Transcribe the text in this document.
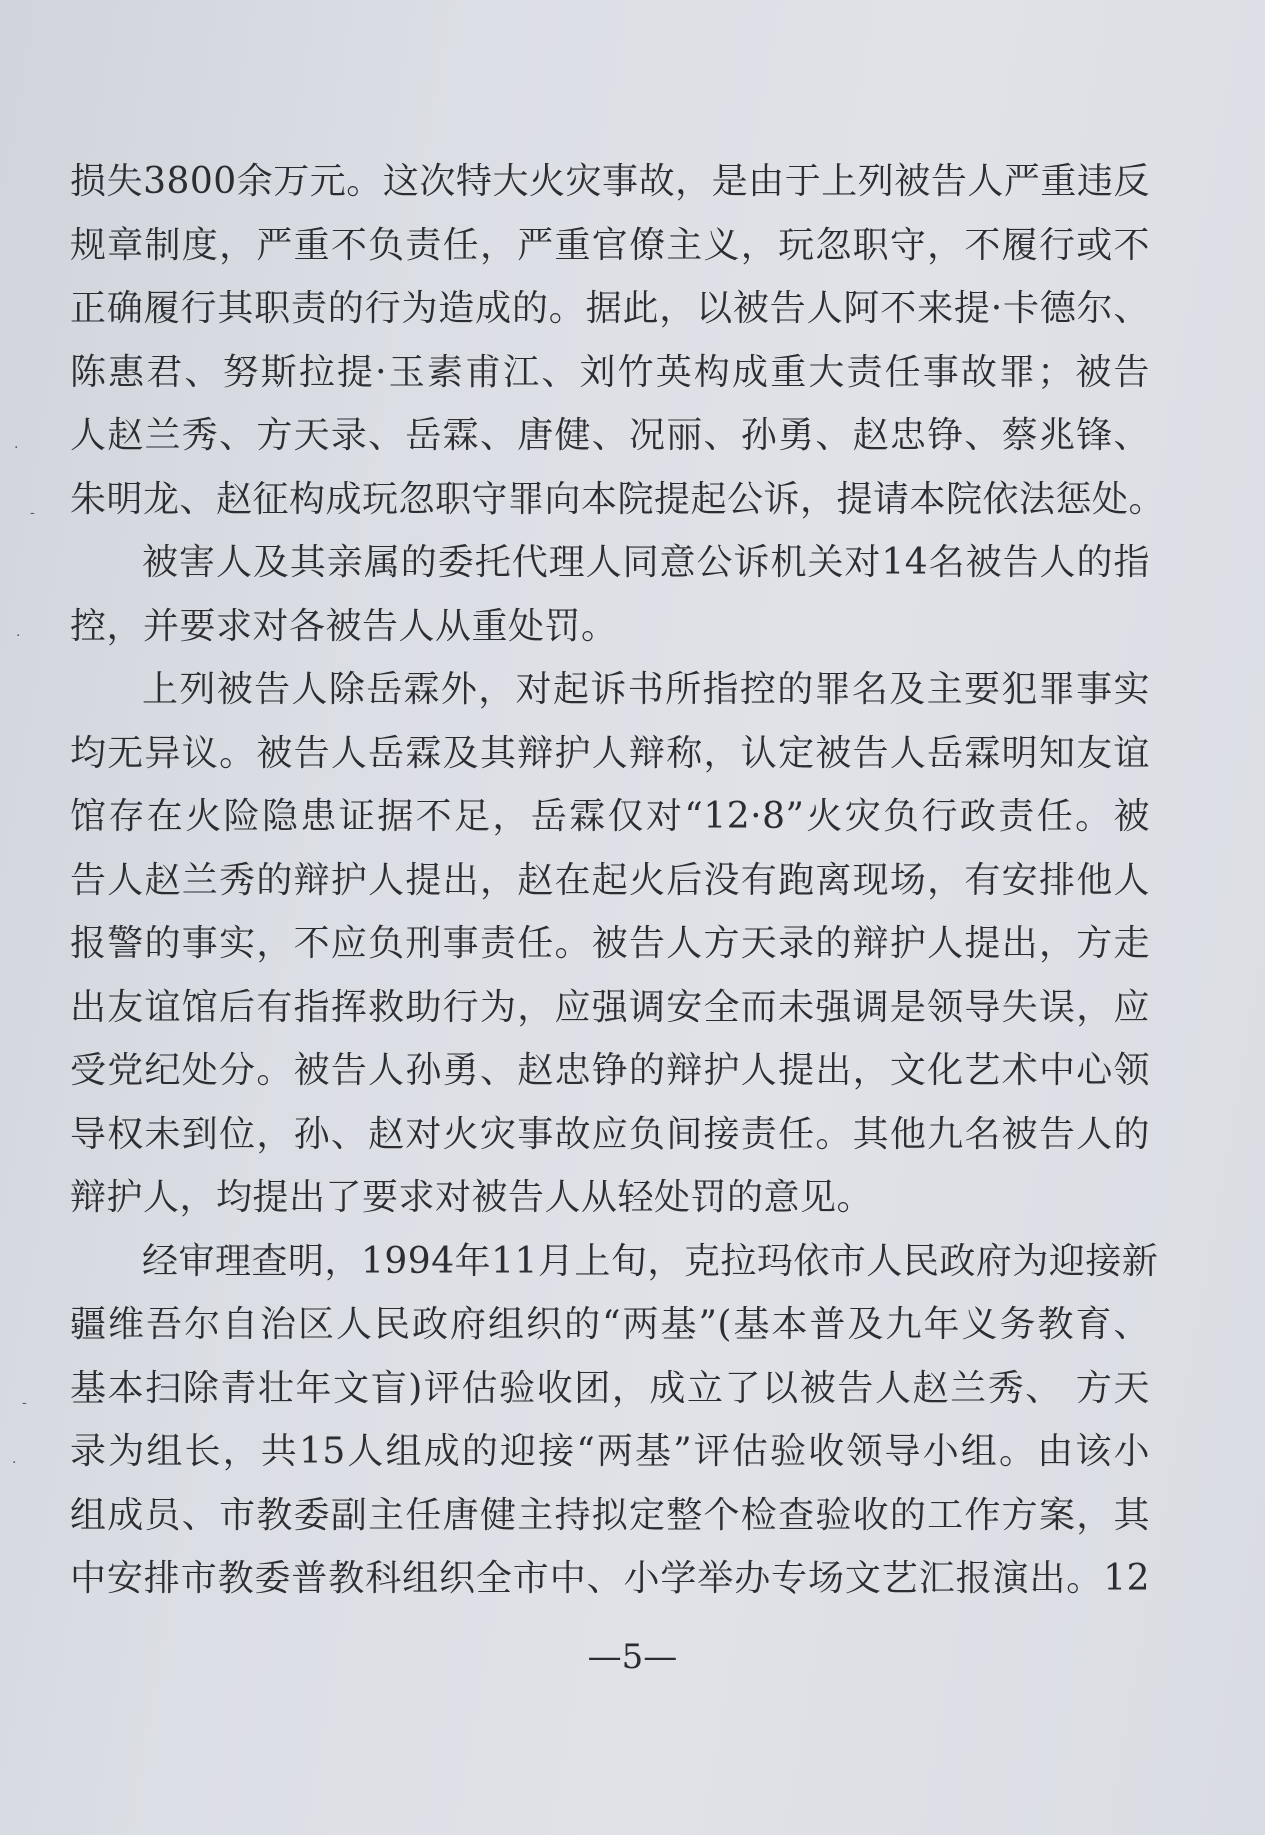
损失3800余万元。这次特大火灾事故，是由于上列被告人严重违反
规章制度，严重不负责任，严重官僚主义，玩忽职守，不履行或不
正确履行其职责的行为造成的。据此，以被告人阿不来提·卡德尔、
陈惠君、努斯拉提·玉素甫江、刘竹英构成重大责任事故罪；被告
人赵兰秀、方天录、岳霖、唐健、况丽、孙勇、赵忠铮、蔡兆锋、
朱明龙、赵征构成玩忽职守罪向本院提起公诉，提请本院依法惩处。
被害人及其亲属的委托代理人同意公诉机关对14名被告人的指
控，并要求对各被告人从重处罚。
上列被告人除岳霖外，对起诉书所指控的罪名及主要犯罪事实
均无异议。被告人岳霖及其辩护人辩称，认定被告人岳霖明知友谊
馆存在火险隐患证据不足，岳霖仅对“12·8”火灾负行政责任。被
告人赵兰秀的辩护人提出，赵在起火后没有跑离现场，有安排他人
报警的事实，不应负刑事责任。被告人方天录的辩护人提出，方走
出友谊馆后有指挥救助行为，应强调安全而未强调是领导失误，应
受党纪处分。被告人孙勇、赵忠铮的辩护人提出，文化艺术中心领
导权未到位，孙、赵对火灾事故应负间接责任。其他九名被告人的
辩护人，均提出了要求对被告人从轻处罚的意见。
经审理查明，1994年11月上旬，克拉玛依市人民政府为迎接新
疆维吾尔自治区人民政府组织的“两基”(基本普及九年义务教育、
基本扫除青壮年文盲)评估验收团，成立了以被告人赵兰秀、 方天
录为组长，共15人组成的迎接“两基”评估验收领导小组。由该小
组成员、市教委副主任唐健主持拟定整个检查验收的工作方案，其
中安排市教委普教科组织全市中、小学举办专场文艺汇报演出。12
—5—
·
-
·
-
·
